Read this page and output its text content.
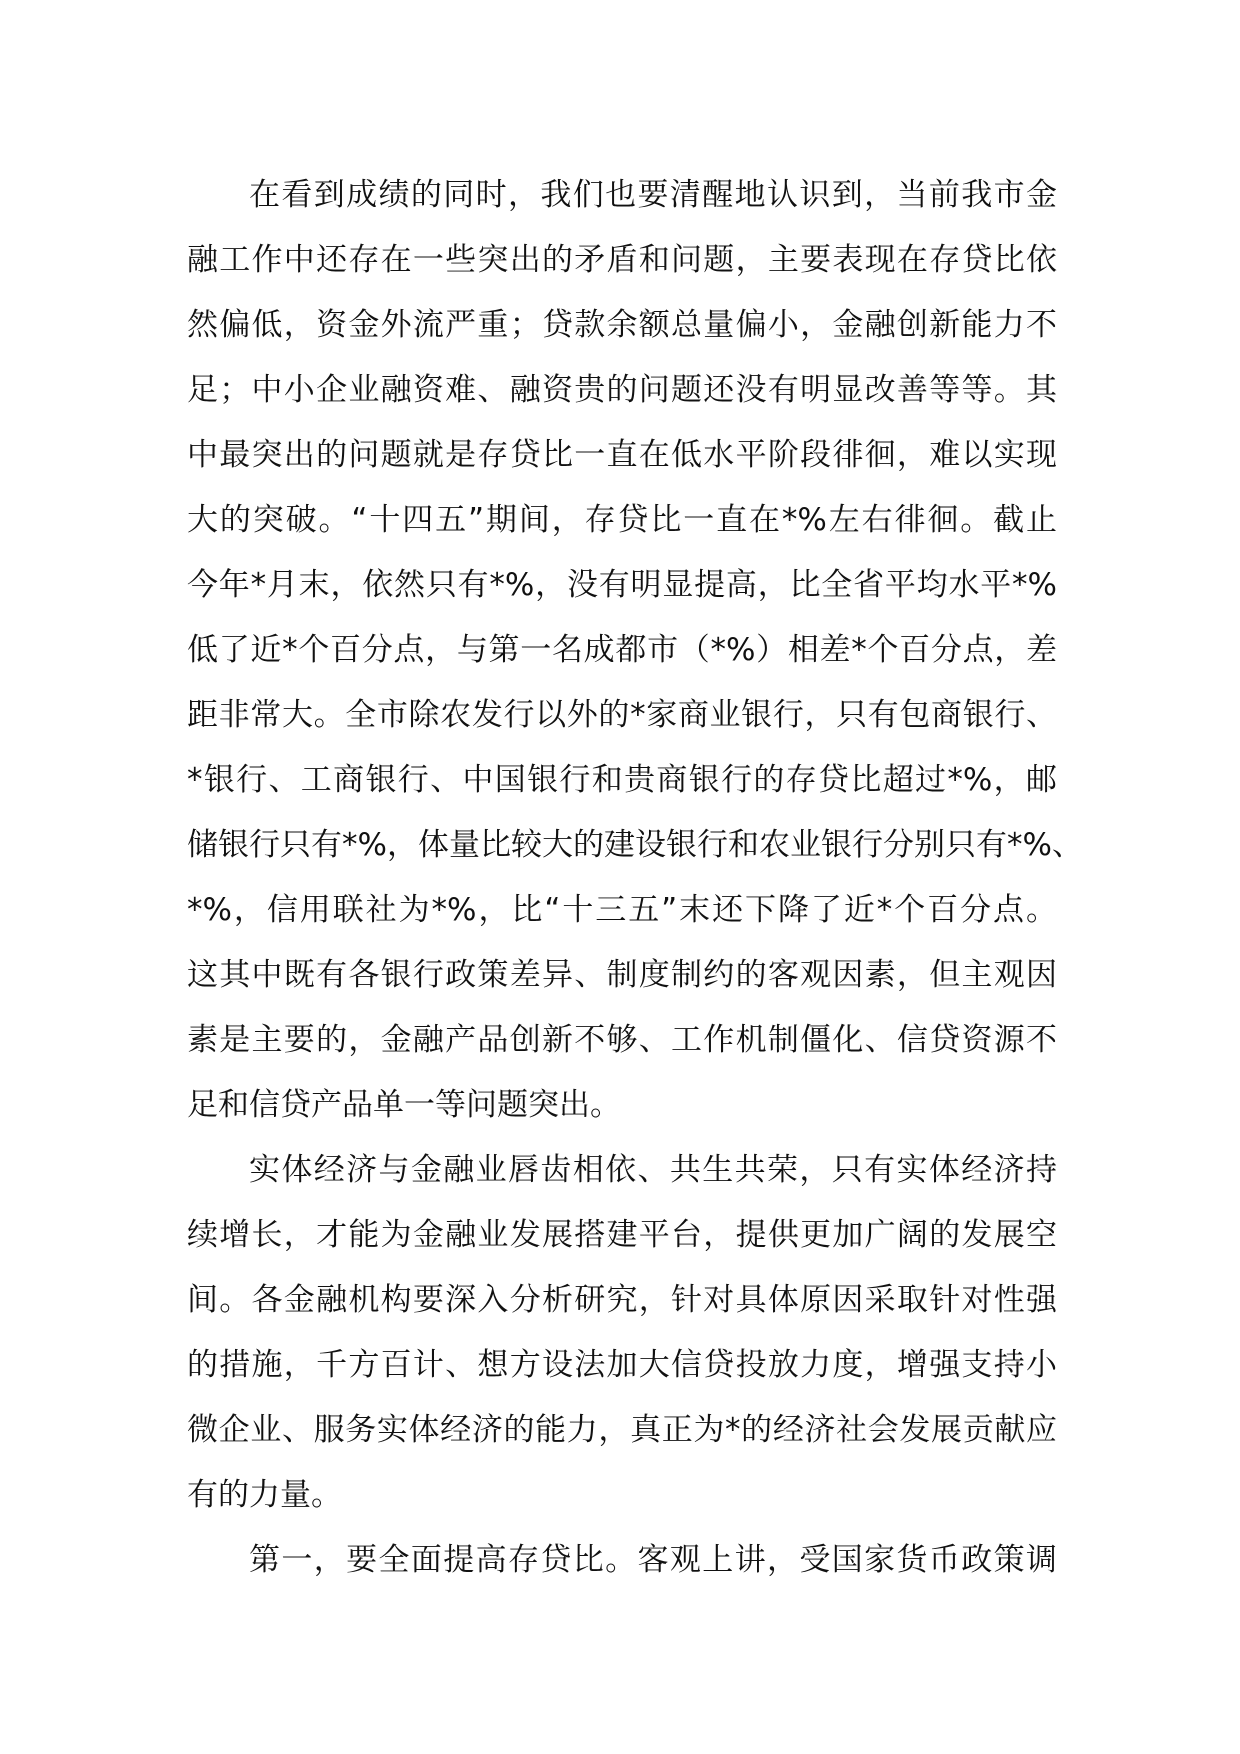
在看到成绩的同时，我们也要清醒地认识到，当前我市金
融工作中还存在一些突出的矛盾和问题，主要表现在存贷比依
然偏低，资金外流严重；贷款余额总量偏小，金融创新能力不
足；中小企业融资难、融资贵的问题还没有明显改善等等。其
中最突出的问题就是存贷比一直在低水平阶段徘徊，难以实现
大的突破。“十四五”期间，存贷比一直在*%左右徘徊。截止
今年*月末，依然只有*%，没有明显提高，比全省平均水平*%
低了近*个百分点，与第一名成都市（*%）相差*个百分点，差
距非常大。全市除农发行以外的*家商业银行，只有包商银行、
*银行、工商银行、中国银行和贵商银行的存贷比超过*%，邮
储银行只有*%，体量比较大的建设银行和农业银行分别只有*%、
*%，信用联社为*%，比“十三五”末还下降了近*个百分点。
这其中既有各银行政策差异、制度制约的客观因素，但主观因
素是主要的，金融产品创新不够、工作机制僵化、信贷资源不
足和信贷产品单一等问题突出。
实体经济与金融业唇齿相依、共生共荣，只有实体经济持
续增长，才能为金融业发展搭建平台，提供更加广阔的发展空
间。各金融机构要深入分析研究，针对具体原因采取针对性强
的措施，千方百计、想方设法加大信贷投放力度，增强支持小
微企业、服务实体经济的能力，真正为*的经济社会发展贡献应
有的力量。
第一，要全面提高存贷比。客观上讲，受国家货币政策调
